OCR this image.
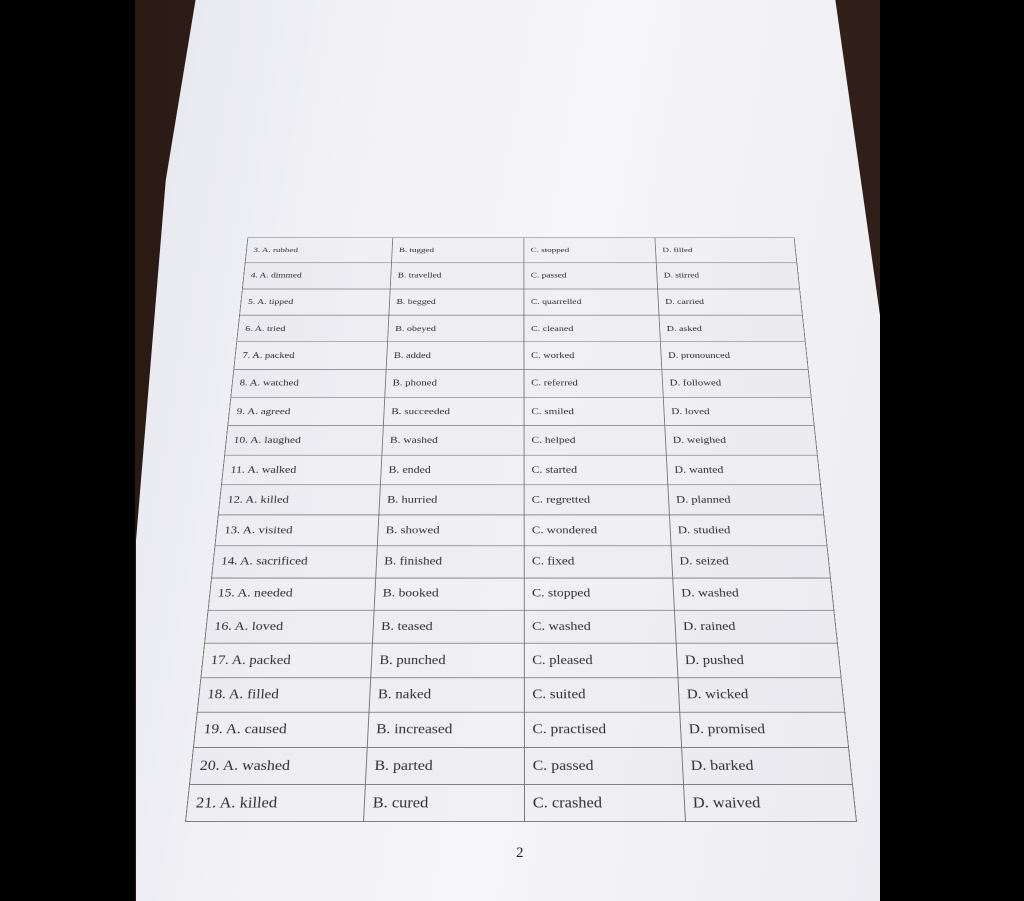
3. A. rubbed	B. tugged	C. stopped	D. filled
4. A. dimmed	B. travelled	C. passed	D. stirred
5. A. tipped	B. begged	C. quarrelled	D. carried
6. A. tried	B. obeyed	C. cleaned	D. asked
7. A. packed	B. added	C. worked	D. pronounced
8. A. watched	B. phoned	C. referred	D. followed
9. A. agreed	B. succeeded	C. smiled	D. loved
10. A. laughed	B. washed	C. helped	D. weighed
11. A. walked	B. ended	C. started	D. wanted
12. A. killed	B. hurried	C. regretted	D. planned
13. A. visited	B. showed	C. wondered	D. studied
14. A. sacrificed	B. finished	C. fixed	D. seized
15. A. needed	B. booked	C. stopped	D. washed
16. A. loved	B. teased	C. washed	D. rained
17. A. packed	B. punched	C. pleased	D. pushed
18. A. filled	B. naked	C. suited	D. wicked
19. A. caused	B. increased	C. practised	D. promised
20. A. washed	B. parted	C. passed	D. barked
21. A. killed	B. cured	C. crashed	D. waived
2
